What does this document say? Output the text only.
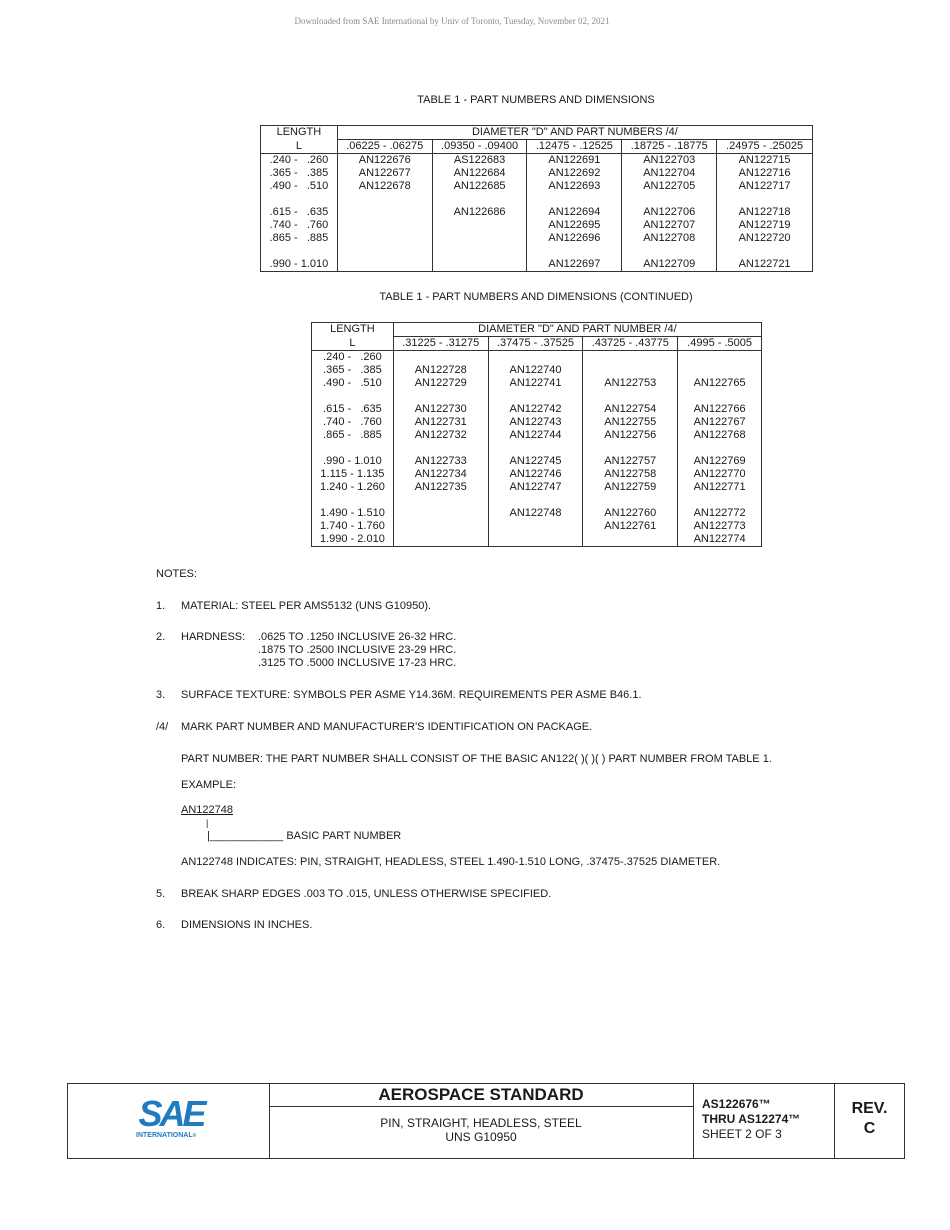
Downloaded from SAE International by Univ of Toronto, Tuesday, November 02, 2021
TABLE 1 - PART NUMBERS AND DIMENSIONS
LENGTH	DIAMETER "D" AND PART NUMBERS /4/				
L	.06225 - .06275	.09350 - .09400	.12475 - .12525	.18725 - .18775	.24975 - .25025
.240 -   .260	AN122676	AS122683	AN122691	AN122703	AN122715
.365 -   .385	AN122677	AN122684	AN122692	AN122704	AN122716
.490 -   .510	AN122678	AN122685	AN122693	AN122705	AN122717

.615 -   .635		AN122686	AN122694	AN122706	AN122718
.740 -   .760			AN122695	AN122707	AN122719
.865 -   .885			AN122696	AN122708	AN122720

.990 - 1.010			AN122697	AN122709	AN122721
TABLE 1 - PART NUMBERS AND DIMENSIONS (CONTINUED)
LENGTH	DIAMETER "D" AND PART NUMBER /4/			
L	.31225 - .31275	.37475 - .37525	.43725 - .43775	.4995 - .5005
.240 -   .260				
.365 -   .385	AN122728	AN122740		
.490 -   .510	AN122729	AN122741	AN122753	AN122765

.615 -   .635	AN122730	AN122742	AN122754	AN122766
.740 -   .760	AN122731	AN122743	AN122755	AN122767
.865 -   .885	AN122732	AN122744	AN122756	AN122768

.990 - 1.010	AN122733	AN122745	AN122757	AN122769
1.115 - 1.135	AN122734	AN122746	AN122758	AN122770
1.240 - 1.260	AN122735	AN122747	AN122759	AN122771

1.490 - 1.510		AN122748	AN122760	AN122772
1.740 - 1.760			AN122761	AN122773
1.990 - 2.010				AN122774
NOTES:
1. MATERIAL: STEEL PER AMS5132 (UNS G10950).
2. HARDNESS: .0625 TO .1250 INCLUSIVE 26-32 HRC.
.1875 TO .2500 INCLUSIVE 23-29 HRC.
.3125 TO .5000 INCLUSIVE 17-23 HRC.
3. SURFACE TEXTURE: SYMBOLS PER ASME Y14.36M. REQUIREMENTS PER ASME B46.1.
/4/ MARK PART NUMBER AND MANUFACTURER'S IDENTIFICATION ON PACKAGE.
PART NUMBER: THE PART NUMBER SHALL CONSIST OF THE BASIC AN122( )( )( ) PART NUMBER FROM TABLE 1.
EXAMPLE:
AN122748
|
|____________ BASIC PART NUMBER
AN122748 INDICATES: PIN, STRAIGHT, HEADLESS, STEEL 1.490-1.510 LONG, .37475-.37525 DIAMETER.
5. BREAK SHARP EDGES .003 TO .015, UNLESS OTHERWISE SPECIFIED.
6. DIMENSIONS IN INCHES.
SAE
INTERNATIONAL®
AEROSPACE STANDARD
PIN, STRAIGHT, HEADLESS, STEEL
UNS G10950
AS122676™
THRU AS12274™
SHEET 2 OF 3
REV.
C
